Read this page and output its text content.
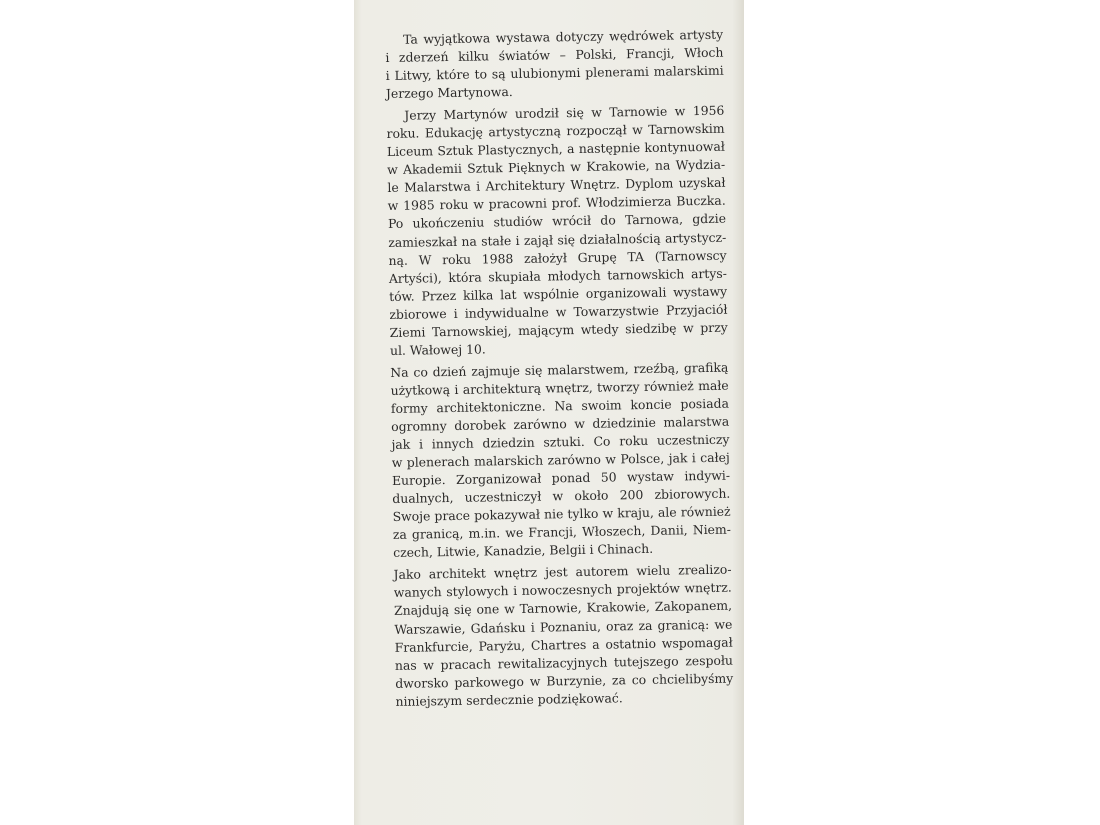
Ta wyjątkowa wystawa dotyczy wędrówek artysty
i zderzeń kilku światów – Polski, Francji, Włoch
i Litwy, które to są ulubionymi plenerami malarskimi
Jerzego Martynowa.

Jerzy Martynów urodził się w Tarnowie w 1956
roku. Edukację artystyczną rozpoczął w Tarnowskim
Liceum Sztuk Plastycznych, a następnie kontynuował
w Akademii Sztuk Pięknych w Krakowie, na Wydzia-
le Malarstwa i Architektury Wnętrz. Dyplom uzyskał
w 1985 roku w pracowni prof. Włodzimierza Buczka.
Po ukończeniu studiów wrócił do Tarnowa, gdzie
zamieszkał na stałe i zajął się działalnością artystycz-
ną. W roku 1988 założył Grupę TA (Tarnowscy
Artyści), która skupiała młodych tarnowskich artys-
tów. Przez kilka lat wspólnie organizowali wystawy
zbiorowe i indywidualne w Towarzystwie Przyjaciół
Ziemi Tarnowskiej, mającym wtedy siedzibę w przy
ul. Wałowej 10.

Na co dzień zajmuje się malarstwem, rzeźbą, grafiką
użytkową i architekturą wnętrz, tworzy również małe
formy architektoniczne. Na swoim koncie posiada
ogromny dorobek zarówno w dziedzinie malarstwa
jak i innych dziedzin sztuki. Co roku uczestniczy
w plenerach malarskich zarówno w Polsce, jak i całej
Europie. Zorganizował ponad 50 wystaw indywi-
dualnych, uczestniczył w około 200 zbiorowych.
Swoje prace pokazywał nie tylko w kraju, ale również
za granicą, m.in. we Francji, Włoszech, Danii, Niem-
czech, Litwie, Kanadzie, Belgii i Chinach.

Jako architekt wnętrz jest autorem wielu zrealizo-
wanych stylowych i nowoczesnych projektów wnętrz.
Znajdują się one w Tarnowie, Krakowie, Zakopanem,
Warszawie, Gdańsku i Poznaniu, oraz za granicą: we
Frankfurcie, Paryżu, Chartres a ostatnio wspomagał
nas w pracach rewitalizacyjnych tutejszego zespołu
dworsko parkowego w Burzynie, za co chcielibyśmy
niniejszym serdecznie podziękować.
